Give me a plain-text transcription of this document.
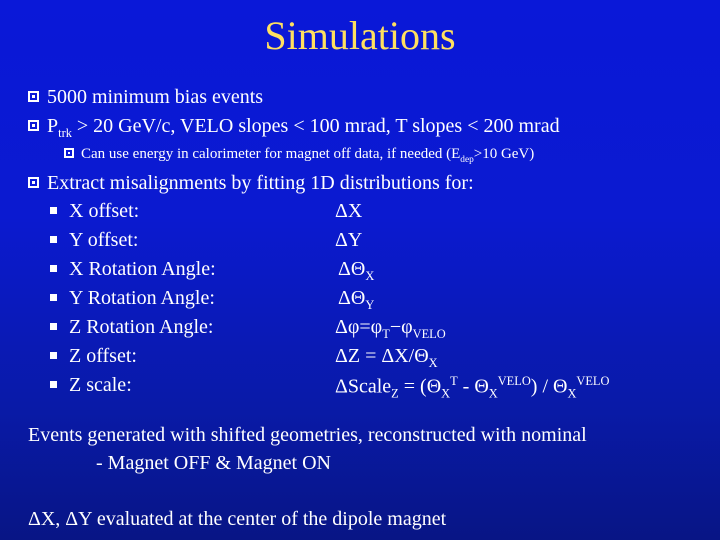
Simulations
5000 minimum bias events
$P_{trk} > 20$ GeV/c, VELO slopes < 100 mrad, T slopes < 200 mrad
Can use energy in calorimeter for magnet off data, if needed ($E_{dep}>10$ GeV)
Extract misalignments by fitting 1D distributions for:
X offset:	ΔX
Y offset:	ΔY
X Rotation Angle:	$\Delta\Theta_X$
Y Rotation Angle:	$\Delta\Theta_Y$
Z Rotation Angle:	$\Delta\varphi=\varphi_T-\varphi_{VELO}$
Z offset:	$\Delta Z = \Delta X/\Theta_X$
Z scale:	ΔScale$_Z$ = $(\Theta_X^T - \Theta_X^{VELO}) / \Theta_X^{VELO}$
Events generated with shifted geometries, reconstructed with nominal
- Magnet OFF & Magnet ON
ΔX, ΔY evaluated at the center of the dipole magnet
